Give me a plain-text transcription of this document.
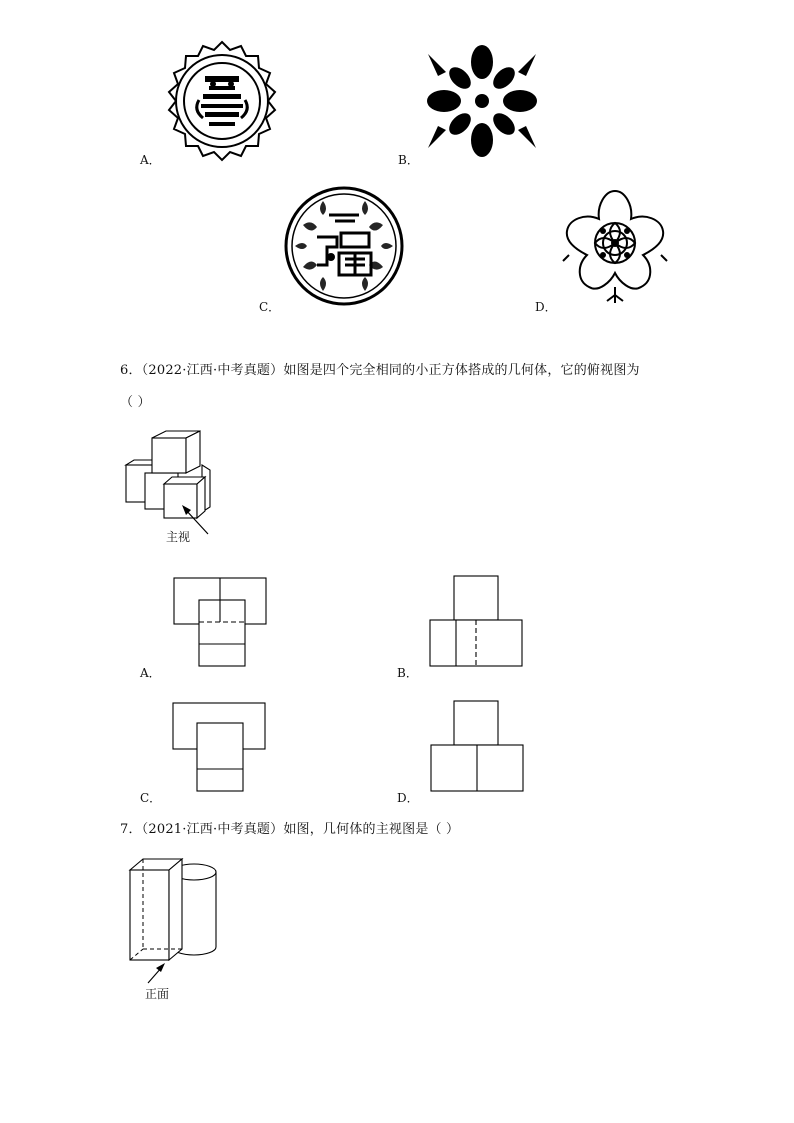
A．	B．
C．	D．
6．（2022·江西·中考真题）如图是四个完全相同的小正方体搭成的几何体，它的俯视图为
（ ）
主视
A．	B．
C．	D．
7．（2021·江西·中考真题）如图，几何体的主视图是（ ）
正面
